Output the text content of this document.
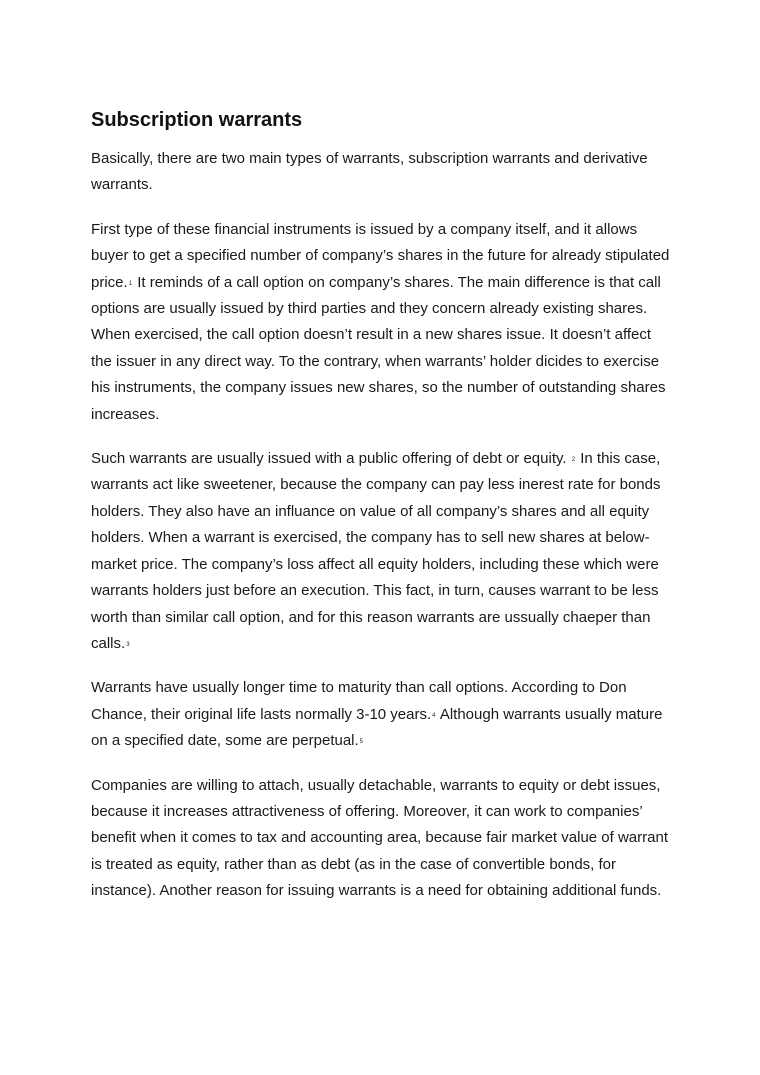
Subscription warrants

Basically, there are two main types of warrants, subscription warrants and derivative warrants.

First type of these financial instruments is issued by a company itself, and it allows buyer to get a specified number of company’s shares in the future for already stipulated price.$^1$ It reminds of a call option on company’s shares. The main difference is that call options are usually issued by third parties and they concern already existing shares. When exercised, the call option doesn’t result in a new shares issue. It doesn’t affect the issuer in any direct way. To the contrary, when warrants’ holder dicides to exercise his instruments, the company issues new shares, so the number of outstanding shares increases.

Such warrants are usually issued with a public offering of debt or equity. $^2$ In this case, warrants act like sweetener, because the company can pay less inerest rate for bonds holders. They also have an influance on value of all company’s shares and all equity holders. When a warrant is exercised, the company has to sell new shares at below-market price. The company’s loss affect all equity holders, including these which were warrants holders just before an execution. This fact, in turn, causes warrant to be less worth than similar call option, and for this reason warrants are ussually chaeper than calls.$^3$

Warrants have usually longer time to maturity than call options. According to Don Chance, their original life lasts normally 3-10 years.$^4$ Although warrants usually mature on a specified date, some are perpetual.$^5$

Companies are willing to attach, usually detachable, warrants to equity or debt issues, because it increases attractiveness of offering. Moreover, it can work to companies’ benefit when it comes to tax and accounting area, because fair market value of warrant is treated as equity, rather than as debt (as in the case of convertible bonds, for instance). Another reason for issuing warrants is a need for obtaining additional funds.
